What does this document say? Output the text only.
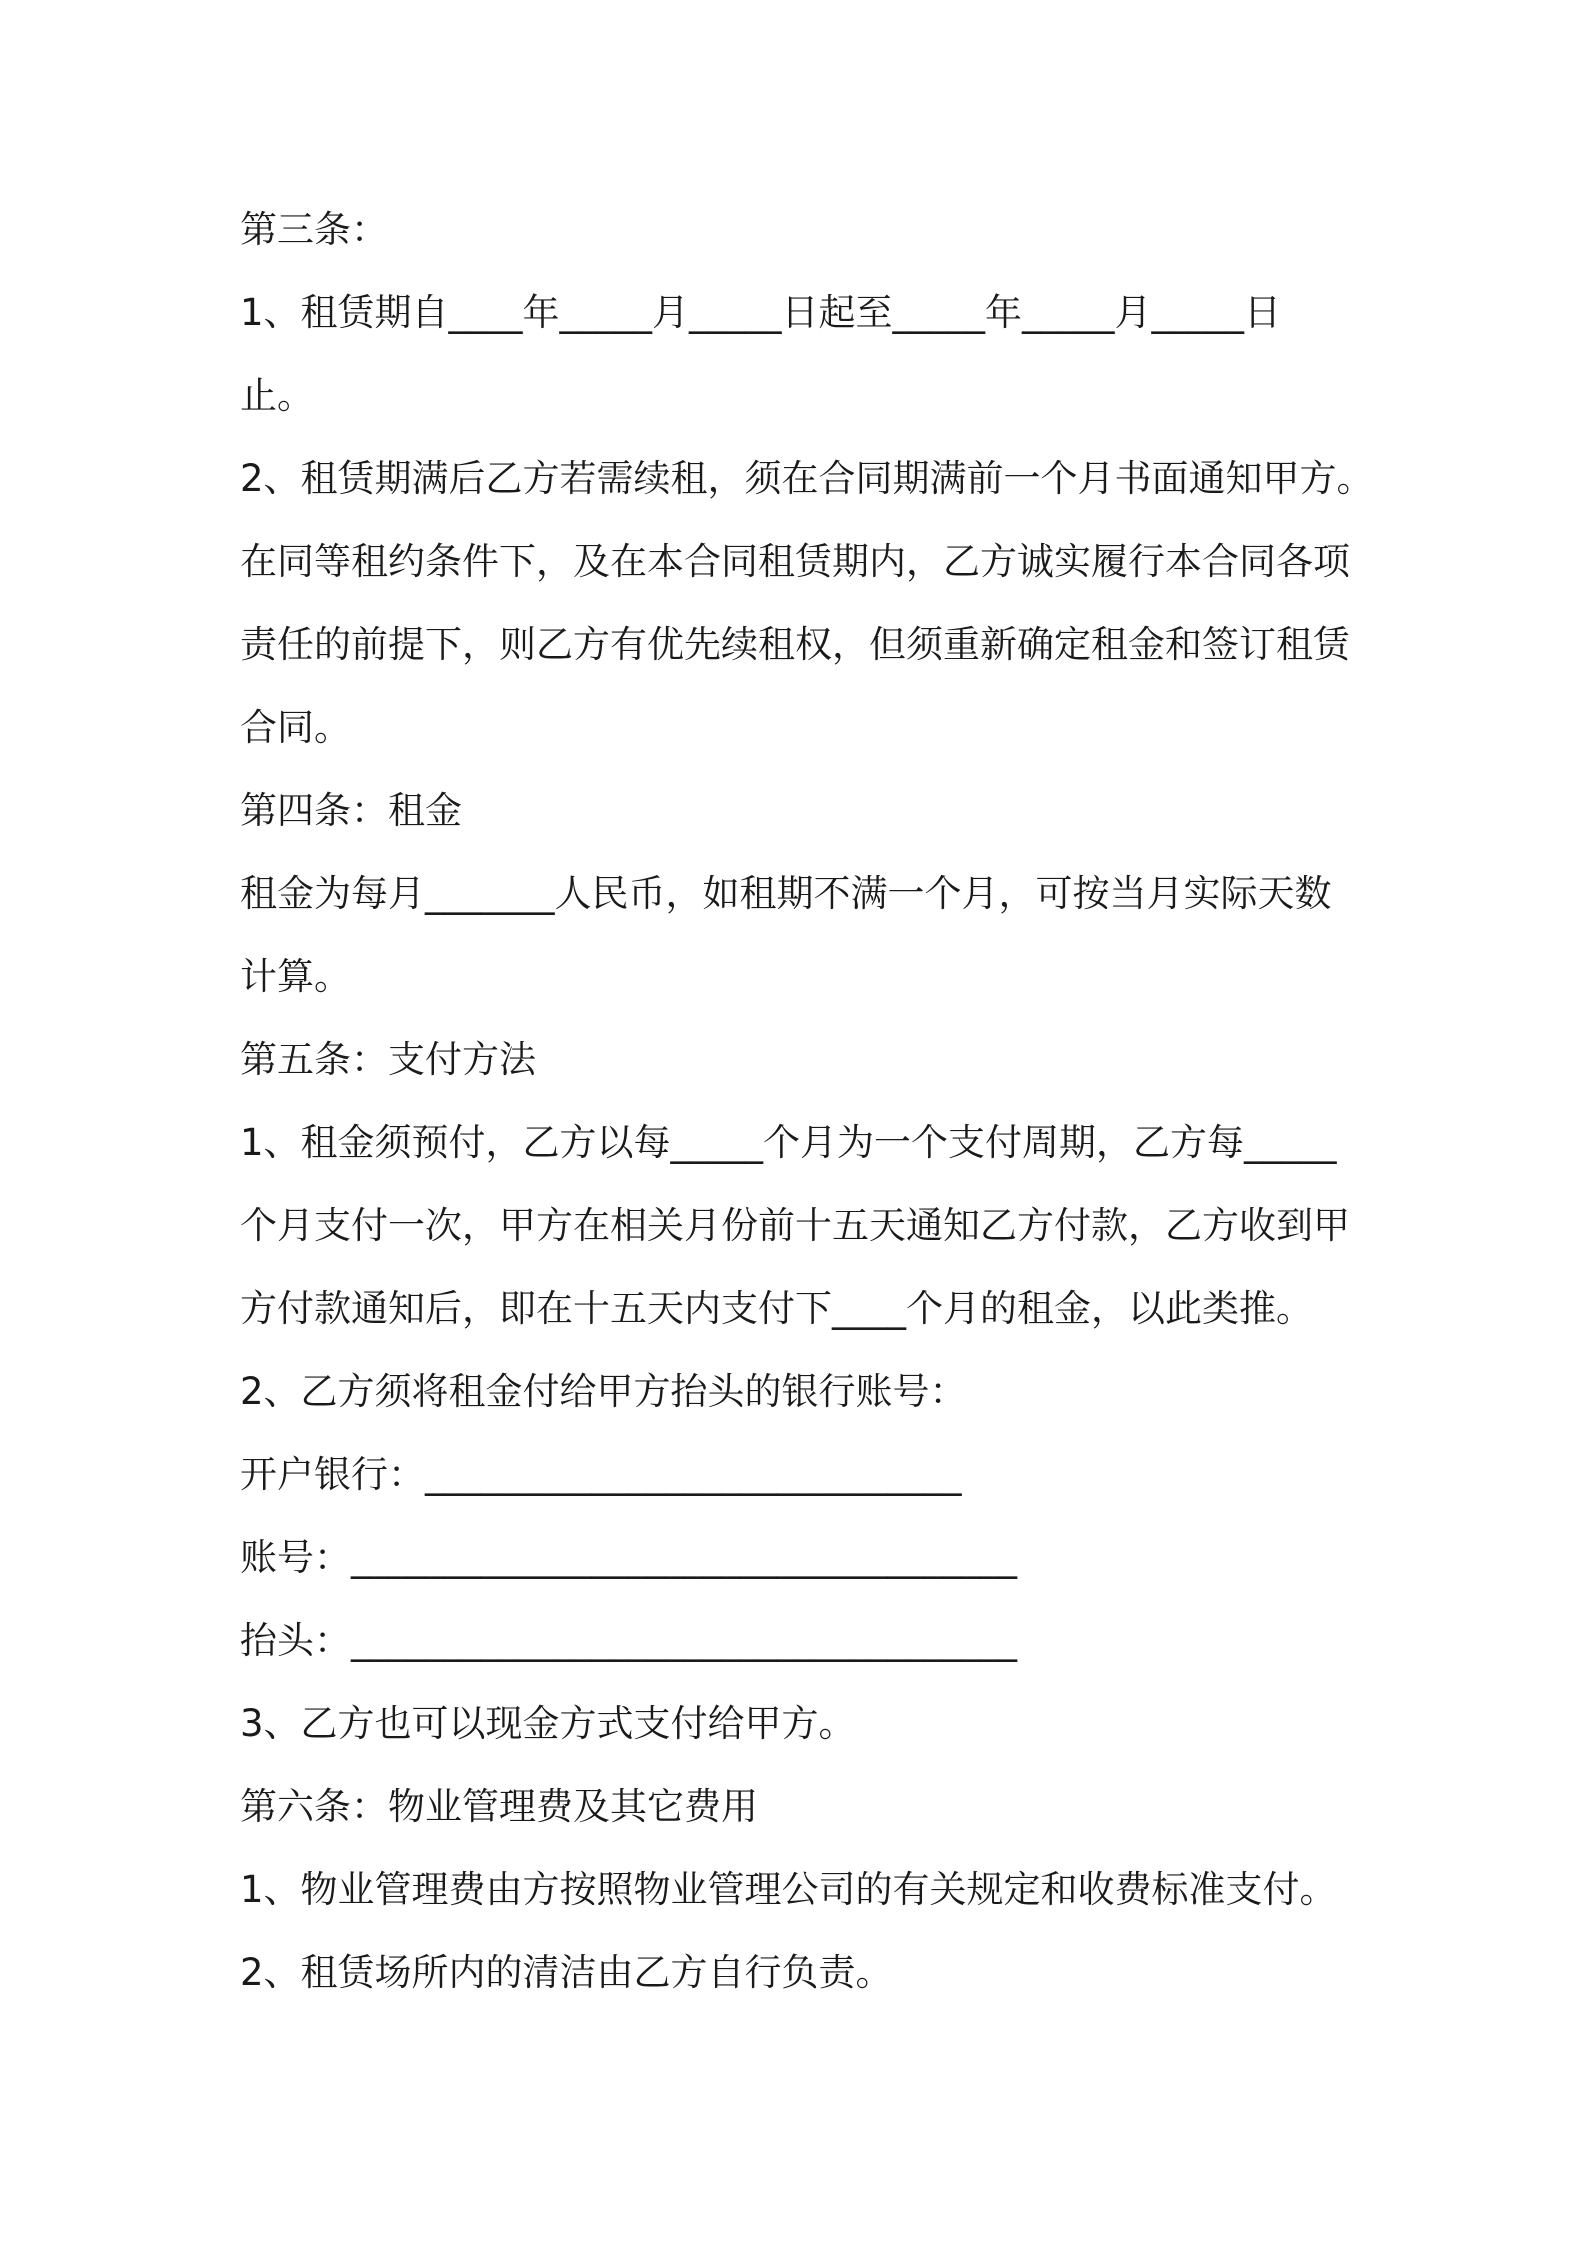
第三条：

1、租赁期自____年_____月_____日起至_____年_____月_____日

止。

2、租赁期满后乙方若需续租，须在合同期满前一个月书面通知甲方。

在同等租约条件下，及在本合同租赁期内，乙方诚实履行本合同各项

责任的前提下，则乙方有优先续租权，但须重新确定租金和签订租赁

合同。

第四条：租金

租金为每月_______人民币，如租期不满一个月，可按当月实际天数

计算。

第五条：支付方法

1、租金须预付，乙方以每_____个月为一个支付周期，乙方每_____

个月支付一次，甲方在相关月份前十五天通知乙方付款，乙方收到甲

方付款通知后，即在十五天内支付下____个月的租金，以此类推。

2、乙方须将租金付给甲方抬头的银行账号：

开户银行：_____________________________

账号：____________________________________

抬头：____________________________________

3、乙方也可以现金方式支付给甲方。

第六条：物业管理费及其它费用

1、物业管理费由方按照物业管理公司的有关规定和收费标准支付。

2、租赁场所内的清洁由乙方自行负责。
